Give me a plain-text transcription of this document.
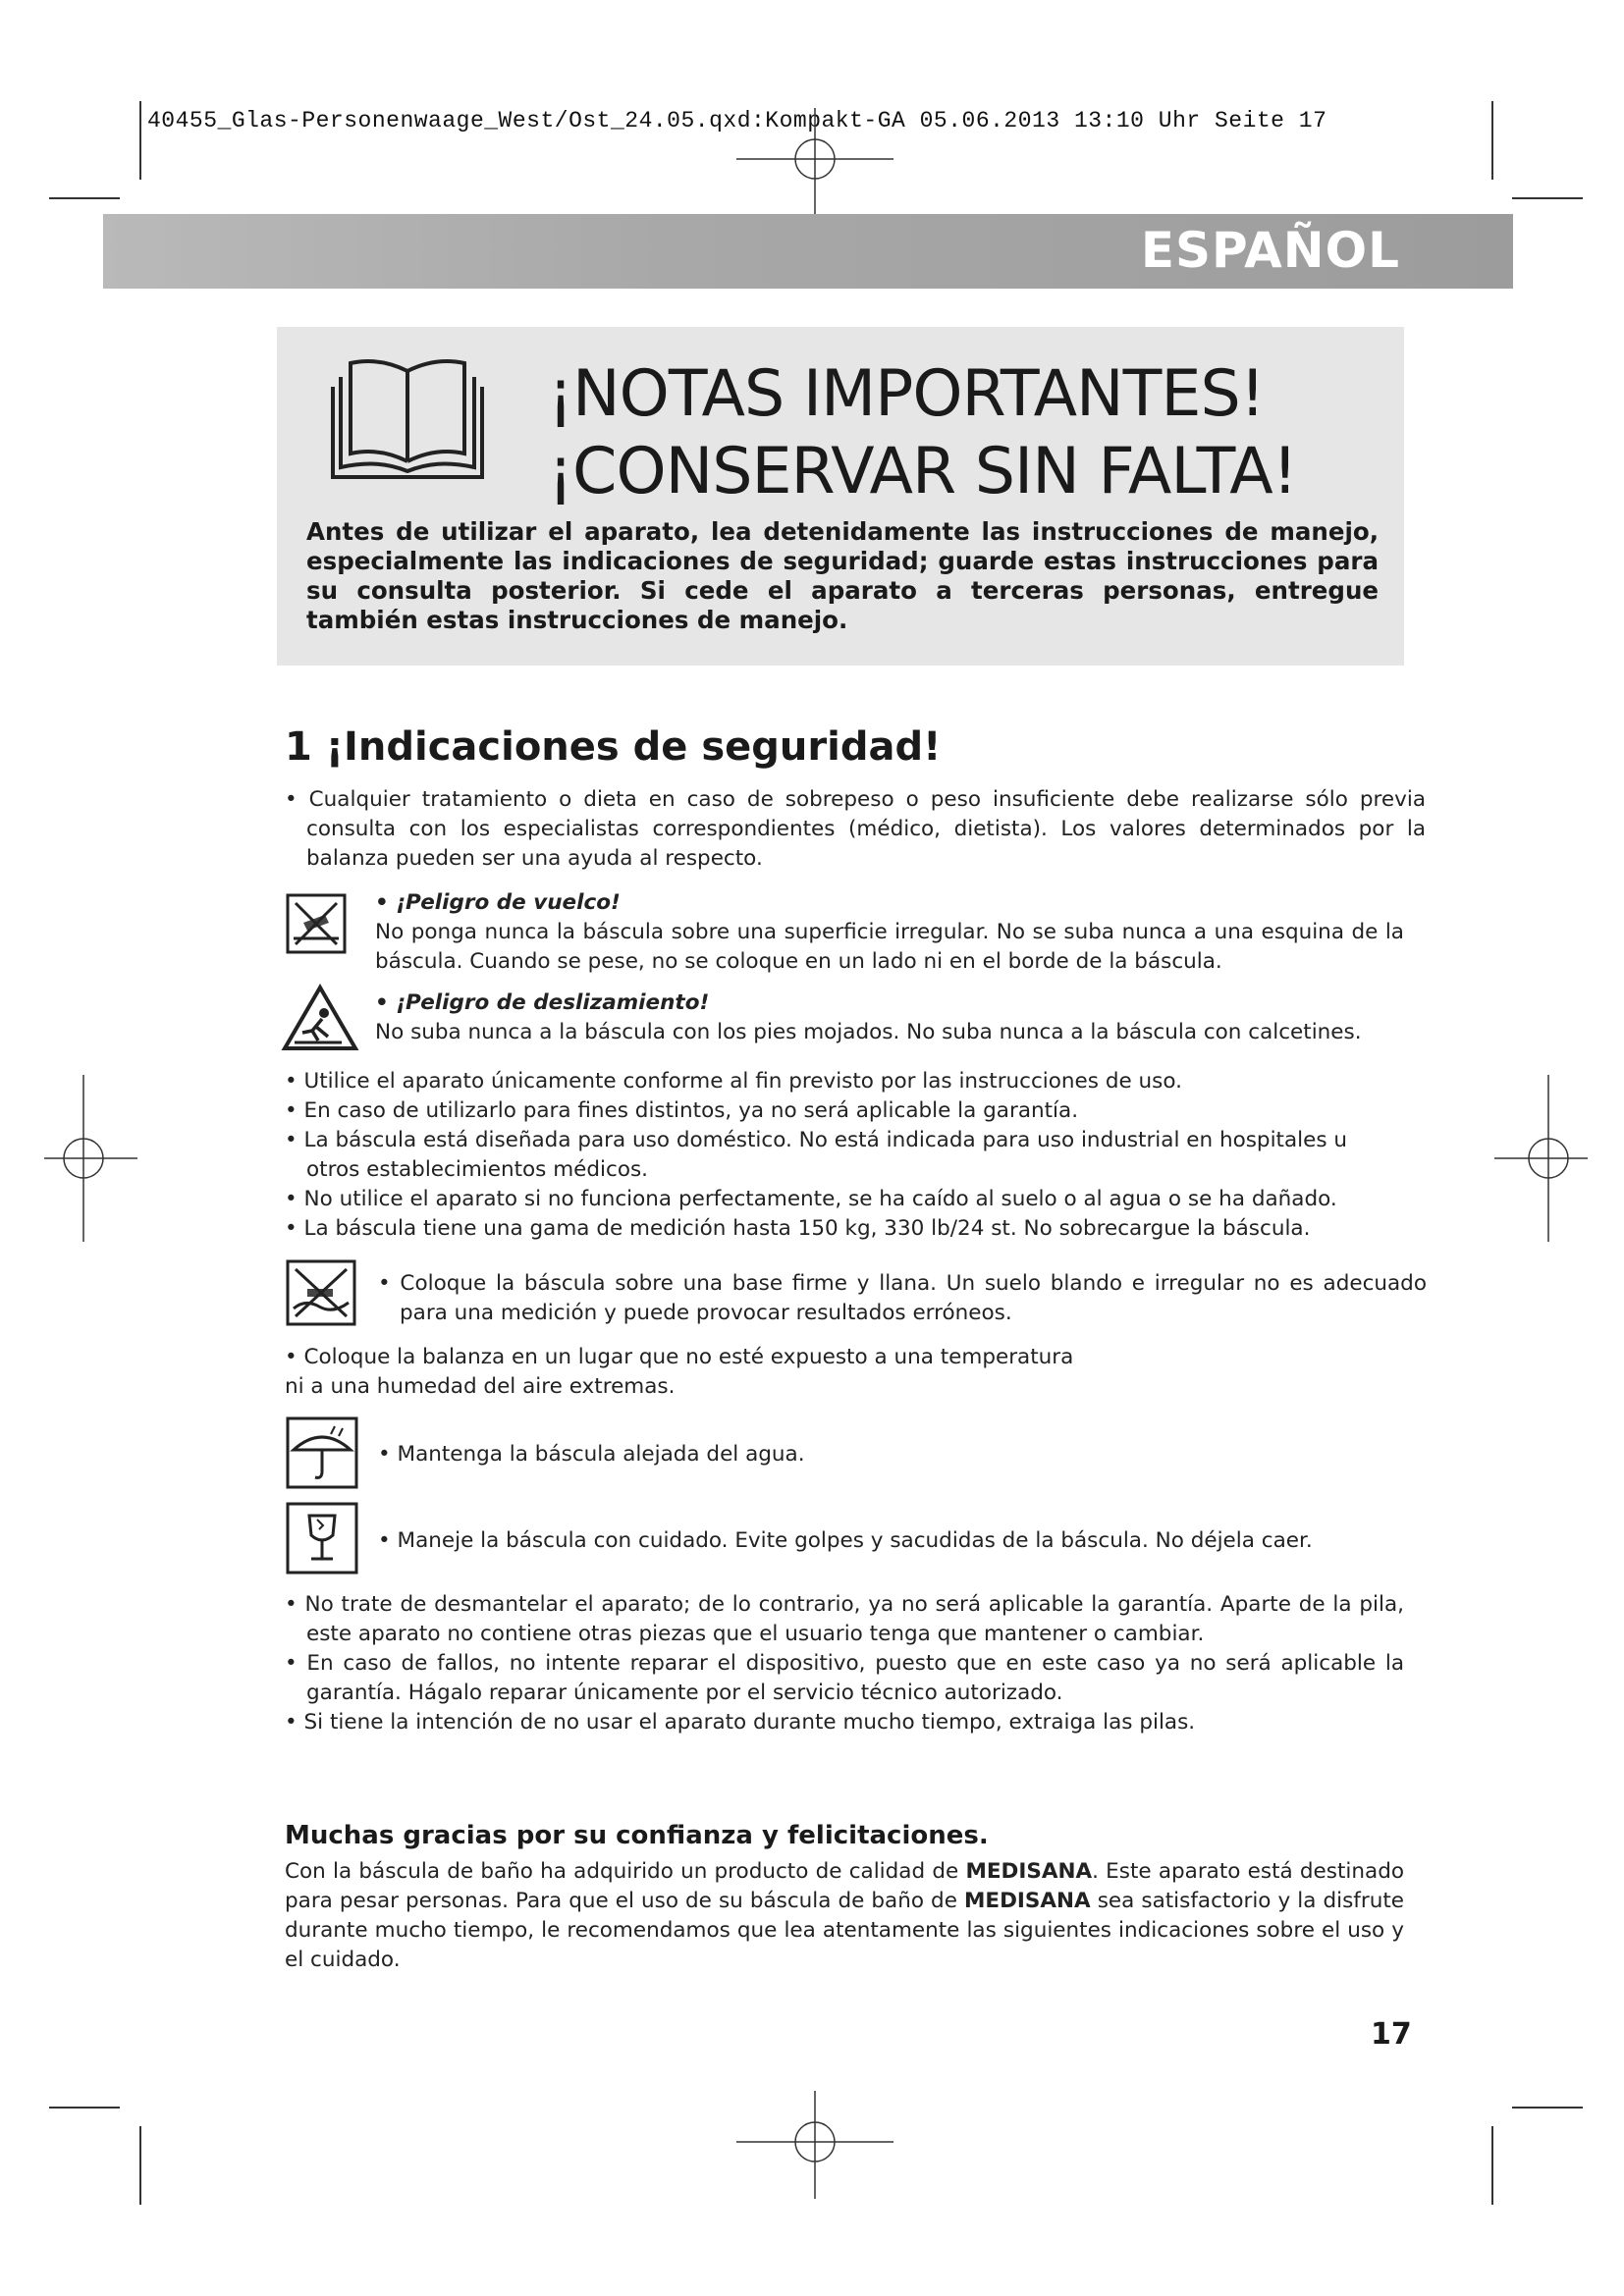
40455_Glas-Personenwaage_West/Ost_24.05.qxd:Kompakt-GA 05.06.2013 13:10 Uhr Seite 17
ESPAÑOL
¡NOTAS IMPORTANTES!
¡CONSERVAR SIN FALTA!
Antes de utilizar el aparato, lea detenidamente las instrucciones de manejo, especialmente las indicaciones de seguridad; guarde estas instrucciones para su consulta posterior. Si cede el aparato a terceras personas, entregue también estas instrucciones de manejo.
1 ¡Indicaciones de seguridad!
• Cualquier tratamiento o dieta en caso de sobrepeso o peso insuficiente debe realizarse sólo previa consulta con los especialistas correspondientes (médico, dietista). Los valores determinados por la balanza pueden ser una ayuda al respecto.
• ¡Peligro de vuelco!
No ponga nunca la báscula sobre una superficie irregular. No se suba nunca a una esquina de la báscula. Cuando se pese, no se coloque en un lado ni en el borde de la báscula.
• ¡Peligro de deslizamiento!
No suba nunca a la báscula con los pies mojados. No suba nunca a la báscula con calcetines.
• Utilice el aparato únicamente conforme al fin previsto por las instrucciones de uso.
• En caso de utilizarlo para fines distintos, ya no será aplicable la garantía.
• La báscula está diseñada para uso doméstico. No está indicada para uso industrial en hospitales u otros establecimientos médicos.
• No utilice el aparato si no funciona perfectamente, se ha caído al suelo o al agua o se ha dañado.
• La báscula tiene una gama de medición hasta 150 kg, 330 lb/24 st. No sobrecargue la báscula.
• Coloque la báscula sobre una base firme y llana. Un suelo blando e irregular no es adecuado para una medición y puede provocar resultados erróneos.
• Coloque la balanza en un lugar que no esté expuesto a una temperatura
ni a una humedad del aire extremas.
• Mantenga la báscula alejada del agua.
• Maneje la báscula con cuidado. Evite golpes y sacudidas de la báscula. No déjela caer.
• No trate de desmantelar el aparato; de lo contrario, ya no será aplicable la garantía. Aparte de la pila, este aparato no contiene otras piezas que el usuario tenga que mantener o cambiar.
• En caso de fallos, no intente reparar el dispositivo, puesto que en este caso ya no será aplicable la garantía. Hágalo reparar únicamente por el servicio técnico autorizado.
• Si tiene la intención de no usar el aparato durante mucho tiempo, extraiga las pilas.
Muchas gracias por su confianza y felicitaciones.
Con la báscula de baño ha adquirido un producto de calidad de MEDISANA. Este aparato está destinado para pesar personas. Para que el uso de su báscula de baño de MEDISANA sea satisfactorio y la disfrute durante mucho tiempo, le recomendamos que lea atentamente las siguientes indicaciones sobre el uso y el cuidado.
17
